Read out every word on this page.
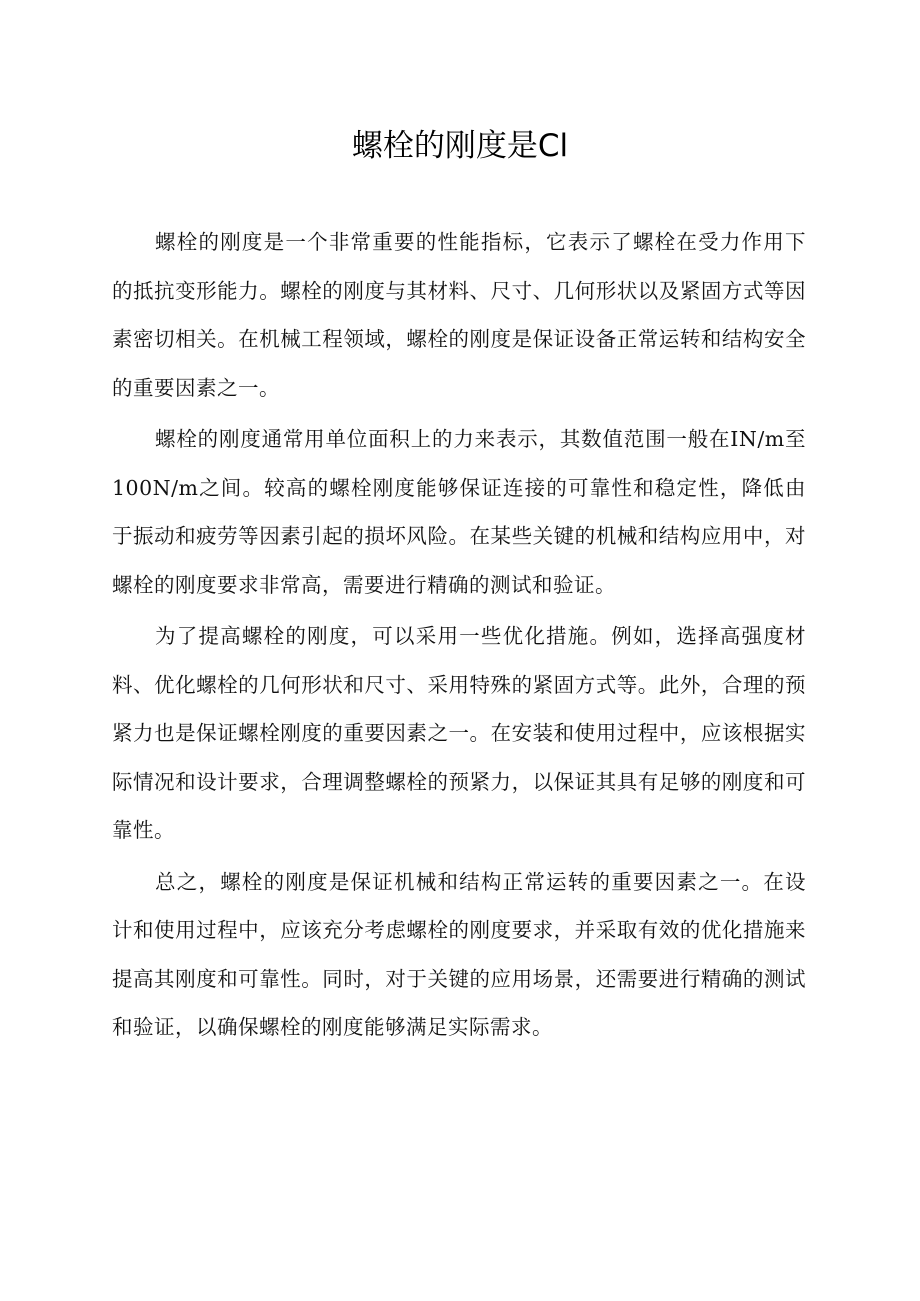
螺栓的刚度是Cl

螺栓的刚度是一个非常重要的性能指标，它表示了螺栓在受力作用下的抵抗变形能力。螺栓的刚度与其材料、尺寸、几何形状以及紧固方式等因素密切相关。在机械工程领域，螺栓的刚度是保证设备正常运转和结构安全的重要因素之一。

螺栓的刚度通常用单位面积上的力来表示，其数值范围一般在IN/m至100N/m之间。较高的螺栓刚度能够保证连接的可靠性和稳定性，降低由于振动和疲劳等因素引起的损坏风险。在某些关键的机械和结构应用中，对螺栓的刚度要求非常高，需要进行精确的测试和验证。

为了提高螺栓的刚度，可以采用一些优化措施。例如，选择高强度材料、优化螺栓的几何形状和尺寸、采用特殊的紧固方式等。此外，合理的预紧力也是保证螺栓刚度的重要因素之一。在安装和使用过程中，应该根据实际情况和设计要求，合理调整螺栓的预紧力，以保证其具有足够的刚度和可靠性。

总之，螺栓的刚度是保证机械和结构正常运转的重要因素之一。在设计和使用过程中，应该充分考虑螺栓的刚度要求，并采取有效的优化措施来提高其刚度和可靠性。同时，对于关键的应用场景，还需要进行精确的测试和验证，以确保螺栓的刚度能够满足实际需求。
